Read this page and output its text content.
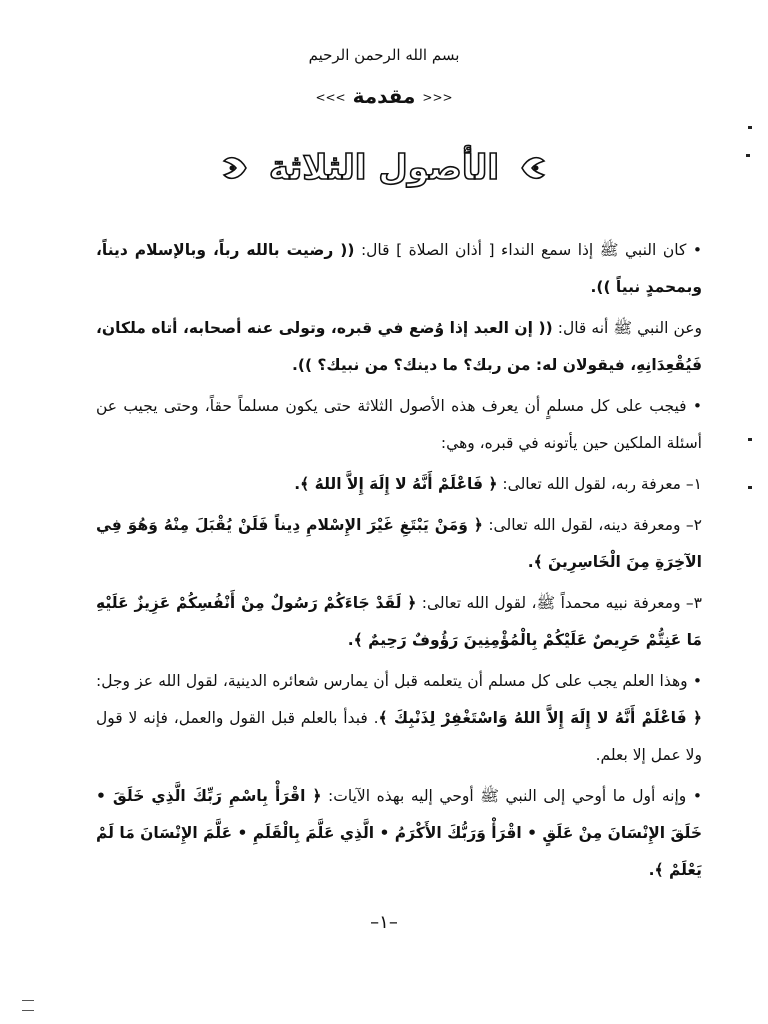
بسم الله الرحمن الرحيم
<<< مقدمة >>>
الأصول الثلاثة

• كان النبي ﷺ إذا سمع النداء [ أذان الصلاة ] قال: (( رضيت بالله رباً، وبالإسلام ديناً، وبمحمدٍ نبياً )).

وعن النبي ﷺ أنه قال: (( إن العبد إذا وُضع في قبره، وتولى عنه أصحابه، أتاه ملكان، فَيُقْعِدَانِهِ، فيقولان له: من ربك؟ ما دينك؟ من نبيك؟ )).

• فيجب على كل مسلمٍ أن يعرف هذه الأصول الثلاثة حتى يكون مسلماً حقاً، وحتى يجيب عن أسئلة الملكين حين يأتونه في قبره، وهي:

١– معرفة ربه، لقول الله تعالى: ﴿ فَاعْلَمْ أَنَّهُ لا إِلَهَ إِلاَّ اللهُ ﴾.

٢– ومعرفة دينه، لقول الله تعالى: ﴿ وَمَنْ يَبْتَغِ غَيْرَ الإِسْلامِ دِيناً فَلَنْ يُقْبَلَ مِنْهُ وَهُوَ فِي الآخِرَةِ مِنَ الْخَاسِرِينَ ﴾.

٣– ومعرفة نبيه محمداً ﷺ، لقول الله تعالى: ﴿ لَقَدْ جَاءَكُمْ رَسُولٌ مِنْ أَنْفُسِكُمْ عَزِيزٌ عَلَيْهِ مَا عَنِتُّمْ حَرِيصٌ عَلَيْكُمْ بِالْمُؤْمِنِينَ رَؤُوفٌ رَحِيمٌ ﴾.

• وهذا العلم يجب على كل مسلم أن يتعلمه قبل أن يمارس شعائره الدينية، لقول الله عز وجل: ﴿ فَاعْلَمْ أَنَّهُ لا إِلَهَ إِلاَّ اللهُ وَاسْتَغْفِرْ لِذَنْبِكَ ﴾. فبدأ بالعلم قبل القول والعمل، فإنه لا قول ولا عمل إلا بعلم.

• وإنه أول ما أوحي إلى النبي ﷺ أوحي إليه بهذه الآيات: ﴿ اقْرَأْ بِاسْمِ رَبِّكَ الَّذِي خَلَقَ • خَلَقَ الإِنْسَانَ مِنْ عَلَقٍ • اقْرَأْ وَرَبُّكَ الأَكْرَمُ • الَّذِي عَلَّمَ بِالْقَلَمِ • عَلَّمَ الإِنْسَانَ مَا لَمْ يَعْلَمْ ﴾.

–١–
